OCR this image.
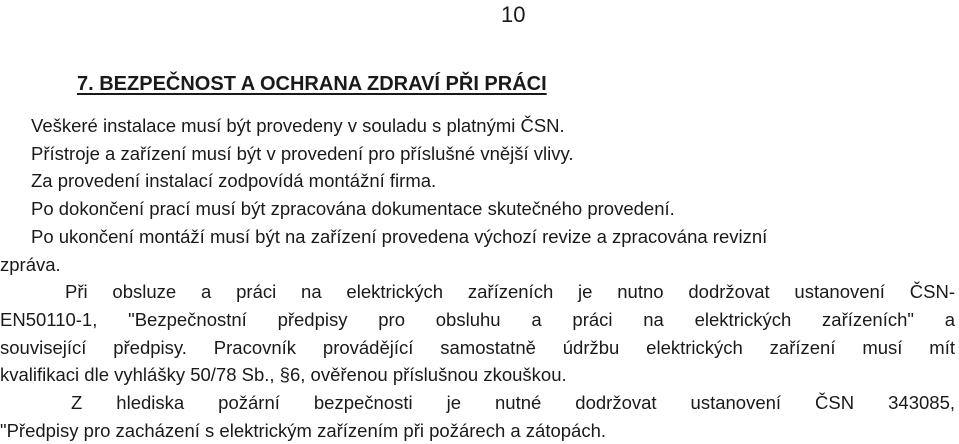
10
7. BEZPEČNOST A OCHRANA ZDRAVÍ PŘI PRÁCI
Veškeré instalace musí být provedeny v souladu s platnými ČSN.
Přístroje a zařízení musí být v provedení pro příslušné vnější vlivy.
Za provedení instalací zodpovídá montážní firma.
Po dokončení prací musí být zpracována dokumentace skutečného provedení.
Po ukončení montáží musí být na zařízení provedena výchozí revize a zpracována revizní
zpráva.
Při obsluze a práci na elektrických zařízeních je nutno dodržovat ustanovení ČSN-
EN50110-1, "Bezpečnostní předpisy pro obsluhu a práci na elektrických zařízeních" a
související předpisy. Pracovník provádějící samostatně údržbu elektrických zařízení musí mít
kvalifikaci dle vyhlášky 50/78 Sb., §6, ověřenou příslušnou zkouškou.
Z hlediska požární bezpečnosti je nutné dodržovat ustanovení ČSN 343085,
"Předpisy pro zacházení s elektrickým zařízením při požárech a zátopách.
